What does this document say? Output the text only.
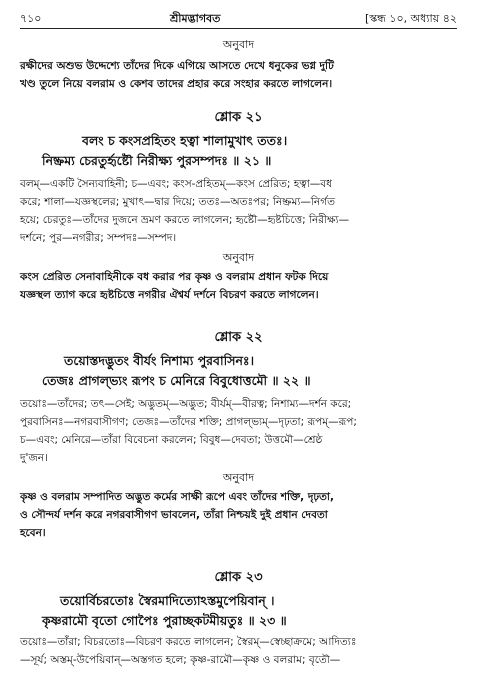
৭১০	শ্রীমদ্ভাগবত	[স্কন্ধ ১০, অধ্যায় ৪২
অনুবাদ
রক্ষীদের অশুভ উদ্দেশ্যে তাঁদের দিকে এগিয়ে আসতে দেখে ধনুকের ভগ্ন দুটি
খণ্ড তুলে নিয়ে বলরাম ও কেশব তাদের প্রহার করে সংহার করতে লাগলেন।
শ্লোক ২১
বলং চ কংসপ্রহিতং হত্বা শালামুখাৎ ততঃ।
নিষ্ক্রম্য চেরতুর্হৃষ্টৌ নিরীক্ষ্য পুরসম্পদঃ ॥ ২১ ॥
বলম্—একটি সৈন্যবাহিনী; চ—এবং; কংস-প্রহিতম্—কংস প্রেরিত; হত্বা—বধ
করে; শালা—যজ্ঞস্থলের; মুখাৎ—দ্বার দিয়ে; ততঃ—অতঃপর; নিষ্ক্রম্য—নির্গত
হয়ে; চেরতুঃ—তাঁদের দুজনে ভ্রমণ করতে লাগলেন; হৃষ্টৌ—হৃষ্টচিত্তে; নিরীক্ষ্য—
দর্শনে; পুর—নগরীর; সম্পদঃ—সম্পদ।
অনুবাদ
কংস প্রেরিত সেনাবাহিনীকে বধ করার পর কৃষ্ণ ও বলরাম প্রধান ফটক দিয়ে
যজ্ঞস্থল ত্যাগ করে হৃষ্টচিত্তে নগরীর ঐশ্বর্য দর্শনে বিচরণ করতে লাগলেন।
শ্লোক ২২
তয়োস্তদদ্ভুতং বীর্যং নিশাম্য পুরবাসিনঃ।
তেজঃ প্রাগল্ভ্যং রূপং চ মেনিরে বিবুধোত্তমৌ ॥ ২২ ॥
তয়োঃ—তাঁদের; তৎ—সেই; অদ্ভুতম্—অদ্ভুত; বীর্যম্—বীরত্ব; নিশাম্য—দর্শন করে;
পুরবাসিনঃ—নগরবাসীগণ; তেজঃ—তাঁদের শক্তি; প্রাগল্ভ্যম্—দৃঢ়তা; রূপম্—রূপ;
চ—এবং; মেনিরে—তাঁরা বিবেচনা করলেন; বিবুধ—দেবতা; উত্তমৌ—শ্রেষ্ঠ
দু'জন।
অনুবাদ
কৃষ্ণ ও বলরাম সম্পাদিত অদ্ভুত কর্মের সাক্ষী রূপে এবং তাঁদের শক্তি, দৃঢ়তা,
ও সৌন্দর্য দর্শন করে নগরবাসীগণ ভাবলেন, তাঁরা নিশ্চয়ই দুই প্রধান দেবতা
হবেন।
শ্লোক ২৩
তয়োর্বিচরতোঃ স্বৈরমাদিত্যোঽস্তমুপেয়িবান্ ।
কৃষ্ণরামৌ বৃতো গোপৈঃ পুরাচ্ছকটমীয়তুঃ ॥ ২৩ ॥
তয়োঃ—তাঁরা; বিচরতোঃ—বিচরণ করতে লাগলেন; স্বৈরম্—স্বেচ্ছাক্রমে; আদিত্যঃ
—সূর্য; অস্তম্-উপেয়িবান্—অস্তগত হলে; কৃষ্ণ-রামৌ—কৃষ্ণ ও বলরাম; বৃতৌ—
